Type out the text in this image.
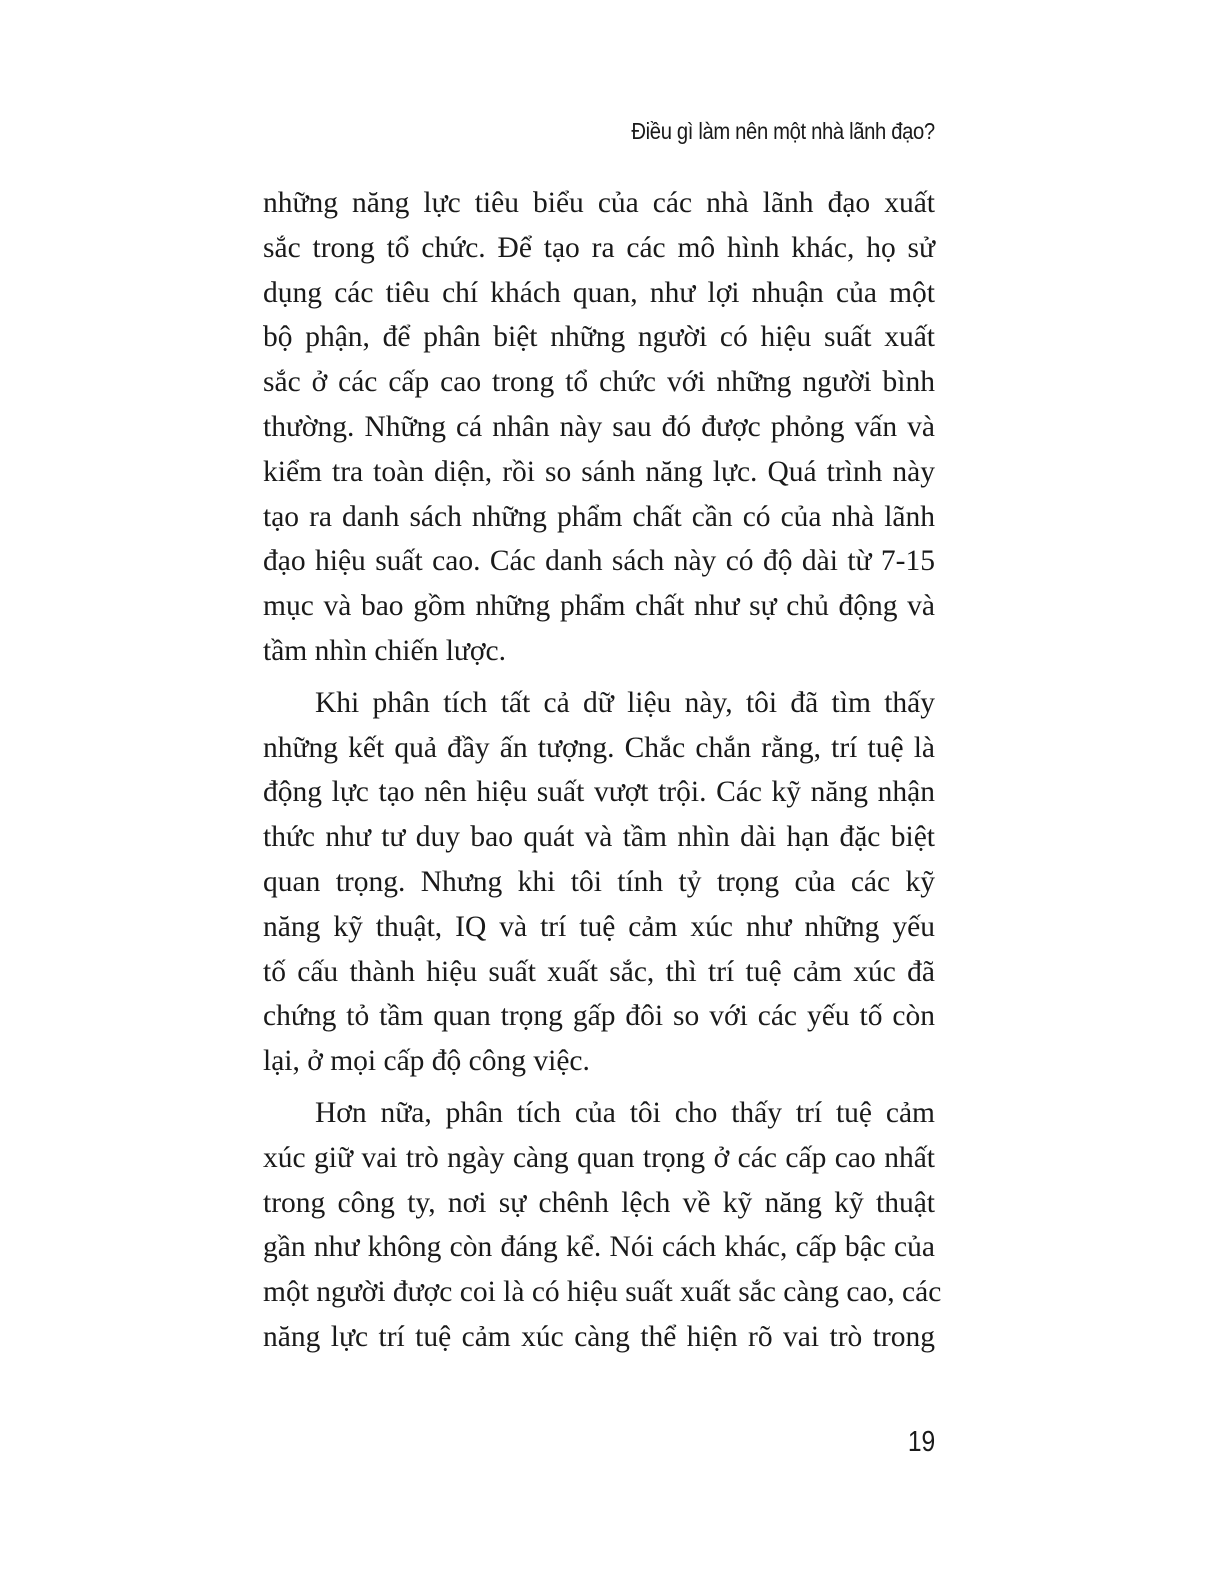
Điều gì làm nên một nhà lãnh đạo?

những năng lực tiêu biểu của các nhà lãnh đạo xuất
sắc trong tổ chức. Để tạo ra các mô hình khác, họ sử
dụng các tiêu chí khách quan, như lợi nhuận của một
bộ phận, để phân biệt những người có hiệu suất xuất
sắc ở các cấp cao trong tổ chức với những người bình
thường. Những cá nhân này sau đó được phỏng vấn và
kiểm tra toàn diện, rồi so sánh năng lực. Quá trình này
tạo ra danh sách những phẩm chất cần có của nhà lãnh
đạo hiệu suất cao. Các danh sách này có độ dài từ 7-15
mục và bao gồm những phẩm chất như sự chủ động và
tầm nhìn chiến lược.

Khi phân tích tất cả dữ liệu này, tôi đã tìm thấy
những kết quả đầy ấn tượng. Chắc chắn rằng, trí tuệ là
động lực tạo nên hiệu suất vượt trội. Các kỹ năng nhận
thức như tư duy bao quát và tầm nhìn dài hạn đặc biệt
quan trọng. Nhưng khi tôi tính tỷ trọng của các kỹ
năng kỹ thuật, IQ và trí tuệ cảm xúc như những yếu
tố cấu thành hiệu suất xuất sắc, thì trí tuệ cảm xúc đã
chứng tỏ tầm quan trọng gấp đôi so với các yếu tố còn
lại, ở mọi cấp độ công việc.

Hơn nữa, phân tích của tôi cho thấy trí tuệ cảm
xúc giữ vai trò ngày càng quan trọng ở các cấp cao nhất
trong công ty, nơi sự chênh lệch về kỹ năng kỹ thuật
gần như không còn đáng kể. Nói cách khác, cấp bậc của
một người được coi là có hiệu suất xuất sắc càng cao, các
năng lực trí tuệ cảm xúc càng thể hiện rõ vai trò trong

19
